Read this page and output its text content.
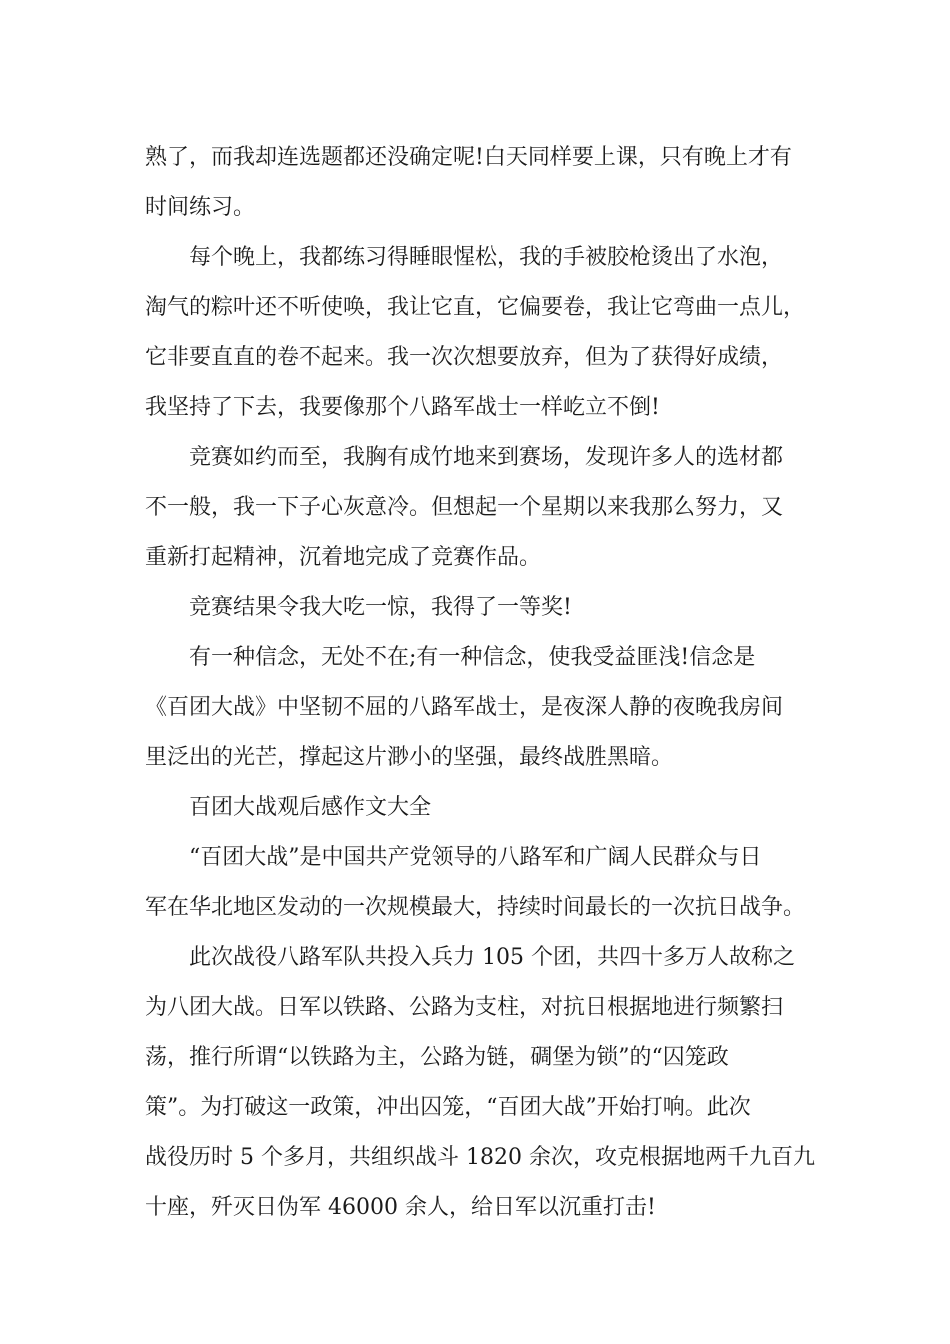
熟了，而我却连选题都还没确定呢!白天同样要上课，只有晚上才有
时间练习。
每个晚上，我都练习得睡眼惺松，我的手被胶枪烫出了水泡，
淘气的粽叶还不听使唤，我让它直，它偏要卷，我让它弯曲一点儿，
它非要直直的卷不起来。我一次次想要放弃，但为了获得好成绩，
我坚持了下去，我要像那个八路军战士一样屹立不倒!
竞赛如约而至，我胸有成竹地来到赛场，发现许多人的选材都
不一般，我一下子心灰意冷。但想起一个星期以来我那么努力，又
重新打起精神，沉着地完成了竞赛作品。
竞赛结果令我大吃一惊，我得了一等奖!
有一种信念，无处不在;有一种信念，使我受益匪浅!信念是
《百团大战》中坚韧不屈的八路军战士，是夜深人静的夜晚我房间
里泛出的光芒，撑起这片渺小的坚强，最终战胜黑暗。
百团大战观后感作文大全
“百团大战”是中国共产党领导的八路军和广阔人民群众与日
军在华北地区发动的一次规模最大，持续时间最长的一次抗日战争。
此次战役八路军队共投入兵力 105 个团，共四十多万人故称之
为八团大战。日军以铁路、公路为支柱，对抗日根据地进行频繁扫
荡，推行所谓“以铁路为主，公路为链，碉堡为锁”的“囚笼政
策”。为打破这一政策，冲出囚笼，“百团大战”开始打响。此次
战役历时 5 个多月，共组织战斗 1820 余次，攻克根据地两千九百九
十座，歼灭日伪军 46000 余人，给日军以沉重打击!
